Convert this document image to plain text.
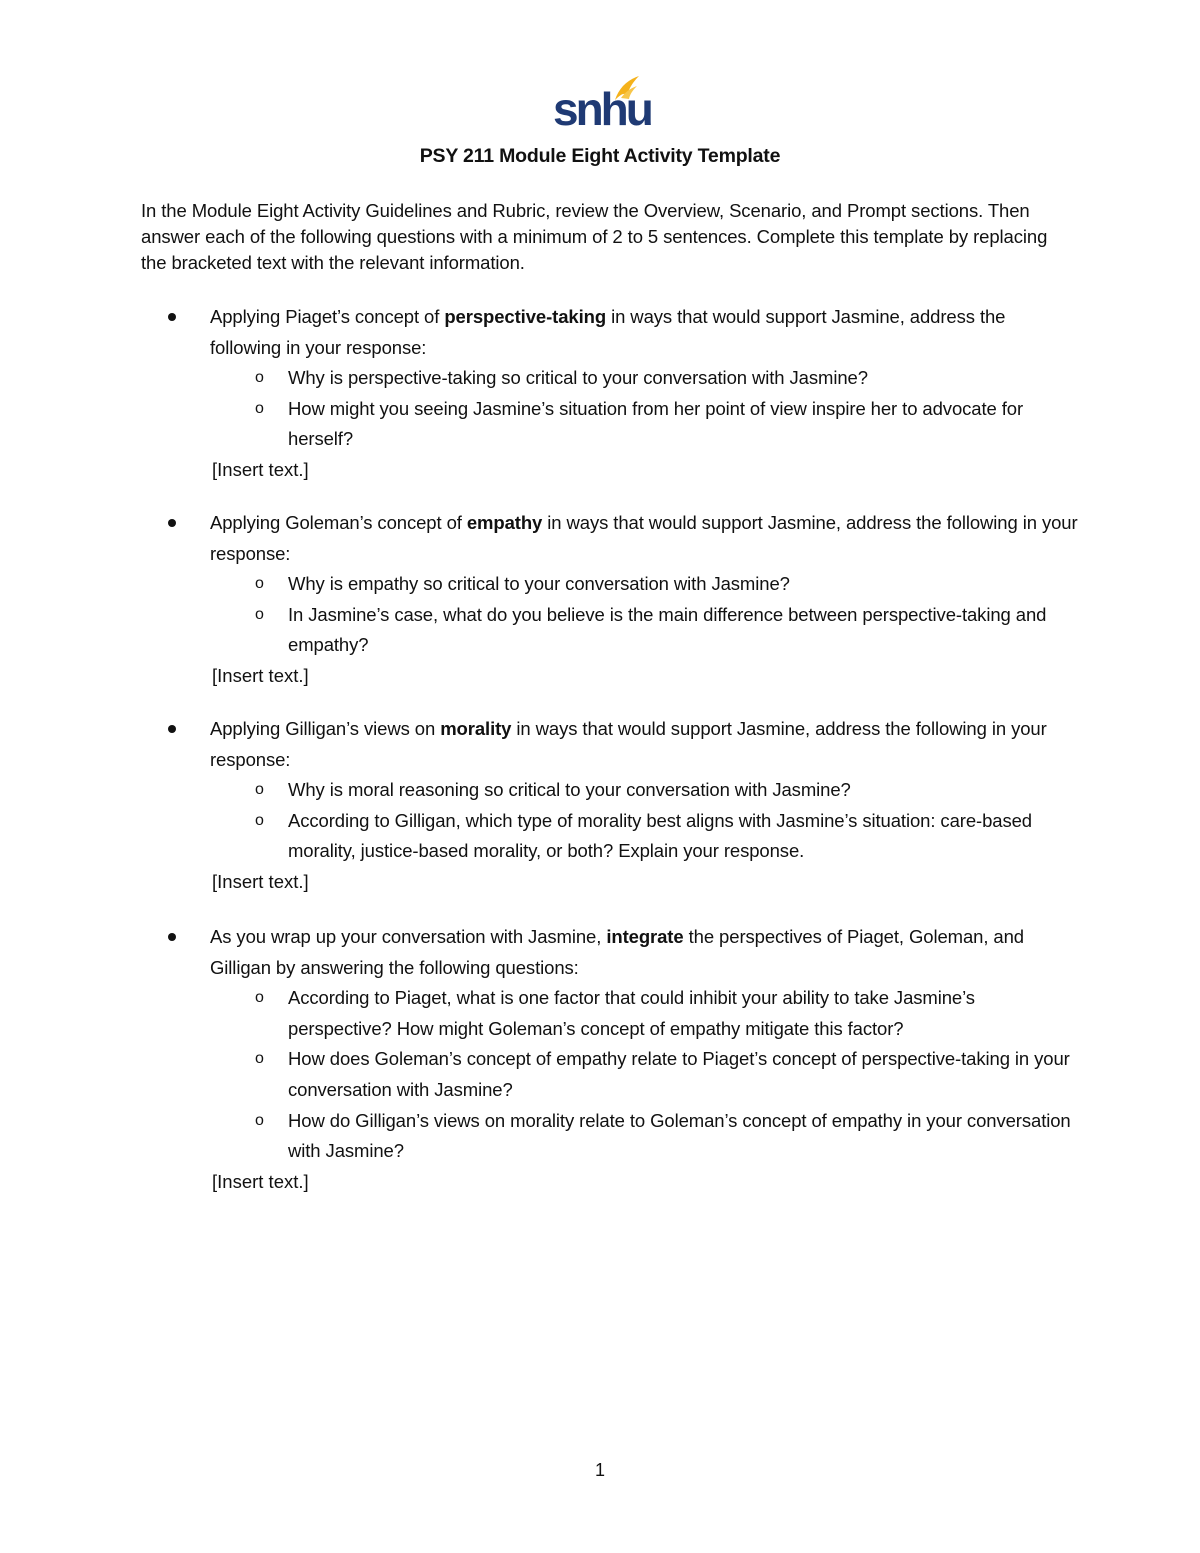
snhu
PSY 211 Module Eight Activity Template
In the Module Eight Activity Guidelines and Rubric, review the Overview, Scenario, and Prompt sections. Then answer each of the following questions with a minimum of 2 to 5 sentences. Complete this template by replacing the bracketed text with the relevant information.
Applying Piaget’s concept of perspective-taking in ways that would support Jasmine, address the following in your response:
o Why is perspective-taking so critical to your conversation with Jasmine?
o How might you seeing Jasmine’s situation from her point of view inspire her to advocate for herself?
[Insert text.]
Applying Goleman’s concept of empathy in ways that would support Jasmine, address the following in your response:
o Why is empathy so critical to your conversation with Jasmine?
o In Jasmine’s case, what do you believe is the main difference between perspective-taking and empathy?
[Insert text.]
Applying Gilligan’s views on morality in ways that would support Jasmine, address the following in your response:
o Why is moral reasoning so critical to your conversation with Jasmine?
o According to Gilligan, which type of morality best aligns with Jasmine’s situation: care-based morality, justice-based morality, or both? Explain your response.
[Insert text.]
As you wrap up your conversation with Jasmine, integrate the perspectives of Piaget, Goleman, and Gilligan by answering the following questions:
o According to Piaget, what is one factor that could inhibit your ability to take Jasmine’s perspective? How might Goleman’s concept of empathy mitigate this factor?
o How does Goleman’s concept of empathy relate to Piaget’s concept of perspective-taking in your conversation with Jasmine?
o How do Gilligan’s views on morality relate to Goleman’s concept of empathy in your conversation with Jasmine?
[Insert text.]
1
